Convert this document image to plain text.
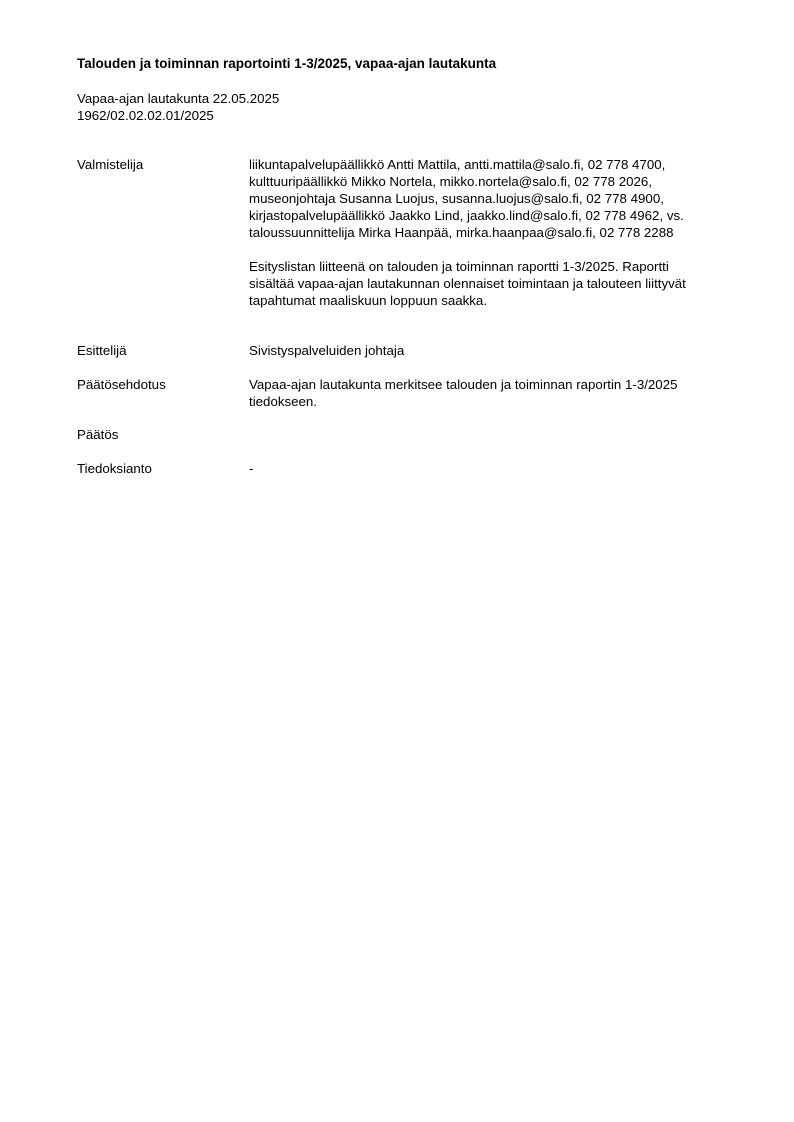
Talouden ja toiminnan raportointi 1-3/2025, vapaa-ajan lautakunta
Vapaa-ajan lautakunta 22.05.2025
1962/02.02.02.01/2025
Valmistelija	liikuntapalvelupäällikkö Antti Mattila, antti.mattila@salo.fi, 02 778 4700,
kulttuuripäällikkö Mikko Nortela, mikko.nortela@salo.fi, 02 778 2026,
museonjohtaja Susanna Luojus, susanna.luojus@salo.fi, 02 778 4900,
kirjastopalvelupäällikkö Jaakko Lind, jaakko.lind@salo.fi, 02 778 4962, vs.
taloussuunnittelija Mirka Haanpää, mirka.haanpaa@salo.fi, 02 778 2288
Esityslistan liitteenä on talouden ja toiminnan raportti 1-3/2025. Raportti
sisältää vapaa-ajan lautakunnan olennaiset toimintaan ja talouteen liittyvät
tapahtumat maaliskuun loppuun saakka.
Esittelijä	Sivistyspalveluiden johtaja
Päätösehdotus	Vapaa-ajan lautakunta merkitsee talouden ja toiminnan raportin 1-3/2025
tiedokseen.
Päätös
Tiedoksianto	-
